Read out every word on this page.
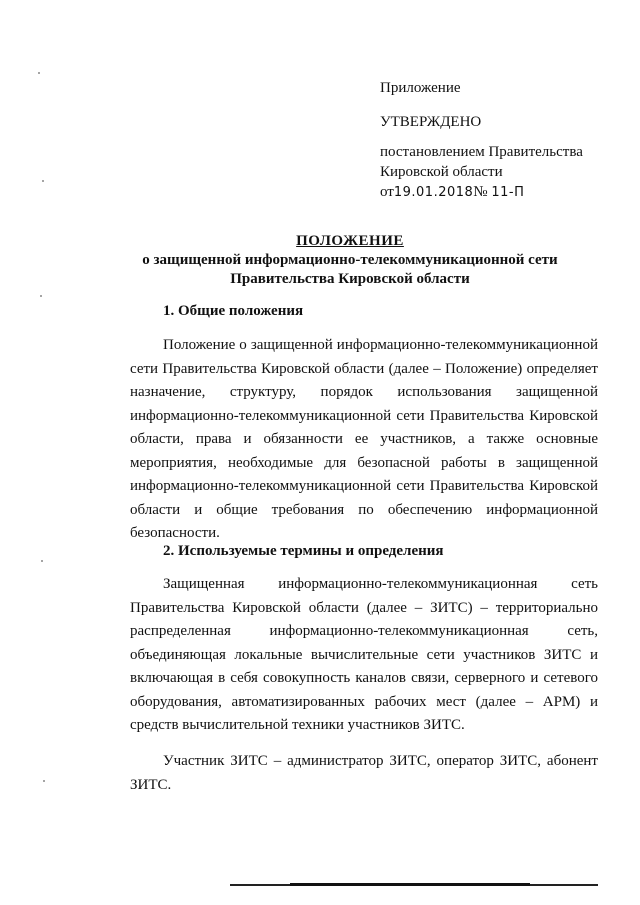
Приложение
УТВЕРЖДЕНО
постановлением Правительства
Кировской области
от19.01.2018№ 11-П
ПОЛОЖЕНИЕ
о защищенной информационно-телекоммуникационной сети
Правительства Кировской области
1. Общие положения
Положение о защищенной информационно-телекоммуникационной сети Правительства Кировской области (далее – Положение) определяет назначение, структуру, порядок использования защищенной информационно-телекоммуникационной сети Правительства Кировской области, права и обязанности ее участников, а также основные мероприятия, необходимые для безопасной работы в защищенной информационно-телекоммуникационной сети Правительства Кировской области и общие требования по обеспечению информационной безопасности.
2. Используемые термины и определения
Защищенная информационно-телекоммуникационная сеть Правительства Кировской области (далее – ЗИТС) – территориально распределенная информационно-телекоммуникационная сеть, объединяющая локальные вычислительные сети участников ЗИТС и включающая в себя совокупность каналов связи, серверного и сетевого оборудования, автоматизированных рабочих мест (далее – АРМ) и средств вычислительной техники участников ЗИТС.
Участник ЗИТС – администратор ЗИТС, оператор ЗИТС, абонент ЗИТС.
